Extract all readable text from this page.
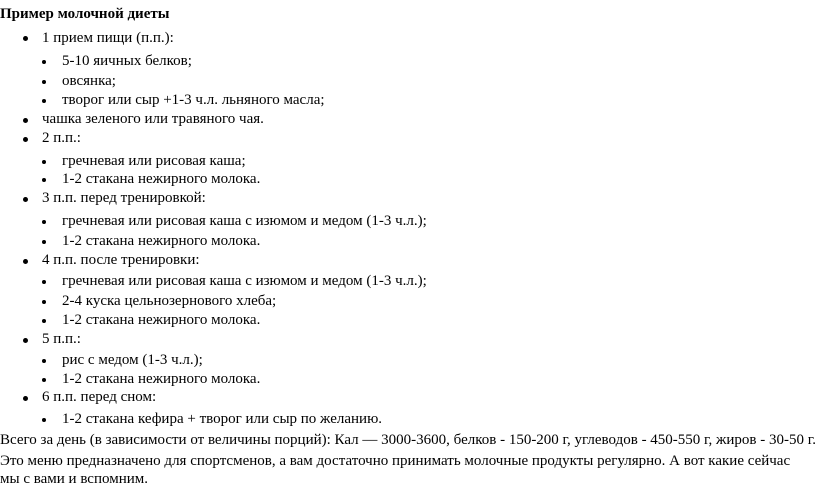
Пример молочной диеты
1 прием пищи (п.п.):
5-10 яичных белков;
овсянка;
творог или сыр +1-3 ч.л. льняного масла;
чашка зеленого или травяного чая.
2 п.п.:
гречневая или рисовая каша;
1-2 стакана нежирного молока.
3 п.п. перед тренировкой:
гречневая или рисовая каша с изюмом и медом (1-3 ч.л.);
1-2 стакана нежирного молока.
4 п.п. после тренировки:
гречневая или рисовая каша с изюмом и медом (1-3 ч.л.);
2-4 куска цельнозернового хлеба;
1-2 стакана нежирного молока.
5 п.п.:
рис с медом (1-3 ч.л.);
1-2 стакана нежирного молока.
6 п.п. перед сном:
1-2 стакана кефира + творог или сыр по желанию.
Всего за день (в зависимости от величины порций): Кал — 3000-3600, белков - 150-200 г, углеводов - 450-550 г, жиров - 30-50 г.
Это меню предназначено для спортсменов, а вам достаточно принимать молочные продукты регулярно. А вот какие сейчас мы с вами и вспомним.
